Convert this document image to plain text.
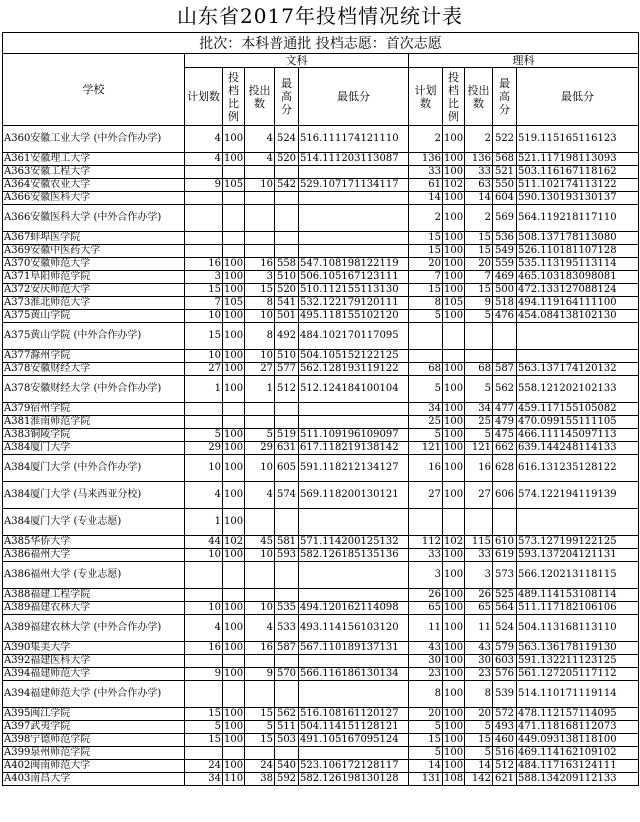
山东省2017年投档情况统计表
批次：本科普通批 投档志愿：首次志愿										
学校	文科					理科				
	计划数	投档比例	投出数	最高分	最低分	计划数	投档比例	投出数	最高分	最低分
A360安徽工业大学 (中外合作办学)	4	100	4	524	516.111174121110	2	100	2	522	519.115165116123
A361安徽理工大学	4	100	4	520	514.111203113087	136	100	136	568	521.117198113093
A363安徽工程大学						33	100	33	521	503.116167118162
A364安徽农业大学	9	105	10	542	529.107171134117	61	102	63	550	511.102174113122
A366安徽医科大学						14	100	14	604	590.130193130137
A366安徽医科大学 (中外合作办学)						2	100	2	569	564.119218117110
A367蚌埠医学院						15	100	15	536	508.137178113080
A369安徽中医药大学						15	100	15	549	526.110181107128
A370安徽师范大学	16	100	16	558	547.108198122119	20	100	20	559	535.113195113114
A371阜阳师范学院	3	100	3	510	506.105167123111	7	100	7	469	465.103183098081
A372安庆师范大学	15	100	15	520	510.112155113130	15	100	15	500	472.133127088124
A373淮北师范大学	7	105	8	541	532.122179120111	8	105	9	518	494.119164111100
A375黄山学院	10	100	10	501	495.118155102120	5	100	5	476	454.084138102130
A375黄山学院 (中外合作办学)	15	100	8	492	484.102170117095					
A377滁州学院	10	100	10	510	504.105152122125					
A378安徽财经大学	27	100	27	577	562.128193119122	68	100	68	587	563.137174120132
A378安徽财经大学 (中外合作办学)	1	100	1	512	512.124184100104	5	100	5	562	558.121202102133
A379宿州学院						34	100	34	477	459.117155105082
A381淮南师范学院						25	100	25	479	470.099155111105
A383铜陵学院	5	100	5	519	511.109196109097	5	100	5	475	466.111145097113
A384厦门大学	29	100	29	631	617.118219138142	121	100	121	662	639.144248114133
A384厦门大学 (中外合作办学)	10	100	10	605	591.118212134127	16	100	16	628	616.131235128122
A384厦门大学 (马来西亚分校)	4	100	4	574	569.118200130121	27	100	27	606	574.122194119139
A384厦门大学 (专业志愿)	1	100								
A385华侨大学	44	102	45	581	571.114200125132	112	102	115	610	573.127199122125
A386福州大学	10	100	10	593	582.126185135136	33	100	33	619	593.137204121131
A386福州大学 (专业志愿)						3	100	3	573	566.120213118115
A388福建工程学院						26	100	26	525	489.114153108114
A389福建农林大学	10	100	10	535	494.120162114098	65	100	65	564	511.117182106106
A389福建农林大学 (中外合作办学)	4	100	4	533	493.114156103120	11	100	11	524	504.113168113110
A390集美大学	16	100	16	587	567.110189137131	43	100	43	579	563.136178119130
A392福建医科大学						30	100	30	603	591.132211123125
A394福建师范大学	9	100	9	570	566.116186130134	23	100	23	576	561.127205117112
A394福建师范大学 (中外合作办学)						8	100	8	539	514.110171119114
A395闽江学院	15	100	15	562	516.108161120127	20	100	20	572	478.112157114095
A397武夷学院	5	100	5	511	504.114151128121	5	100	5	493	471.118168112073
A398宁德师范学院	15	100	15	503	491.105167095124	15	100	15	460	449.093138118100
A399泉州师范学院						5	100	5	516	469.114162109102
A402闽南师范大学	24	100	24	540	523.106172128117	14	100	14	512	484.117163124111
A403南昌大学	34	110	38	592	582.126198130128	131	108	142	621	588.134209112133
